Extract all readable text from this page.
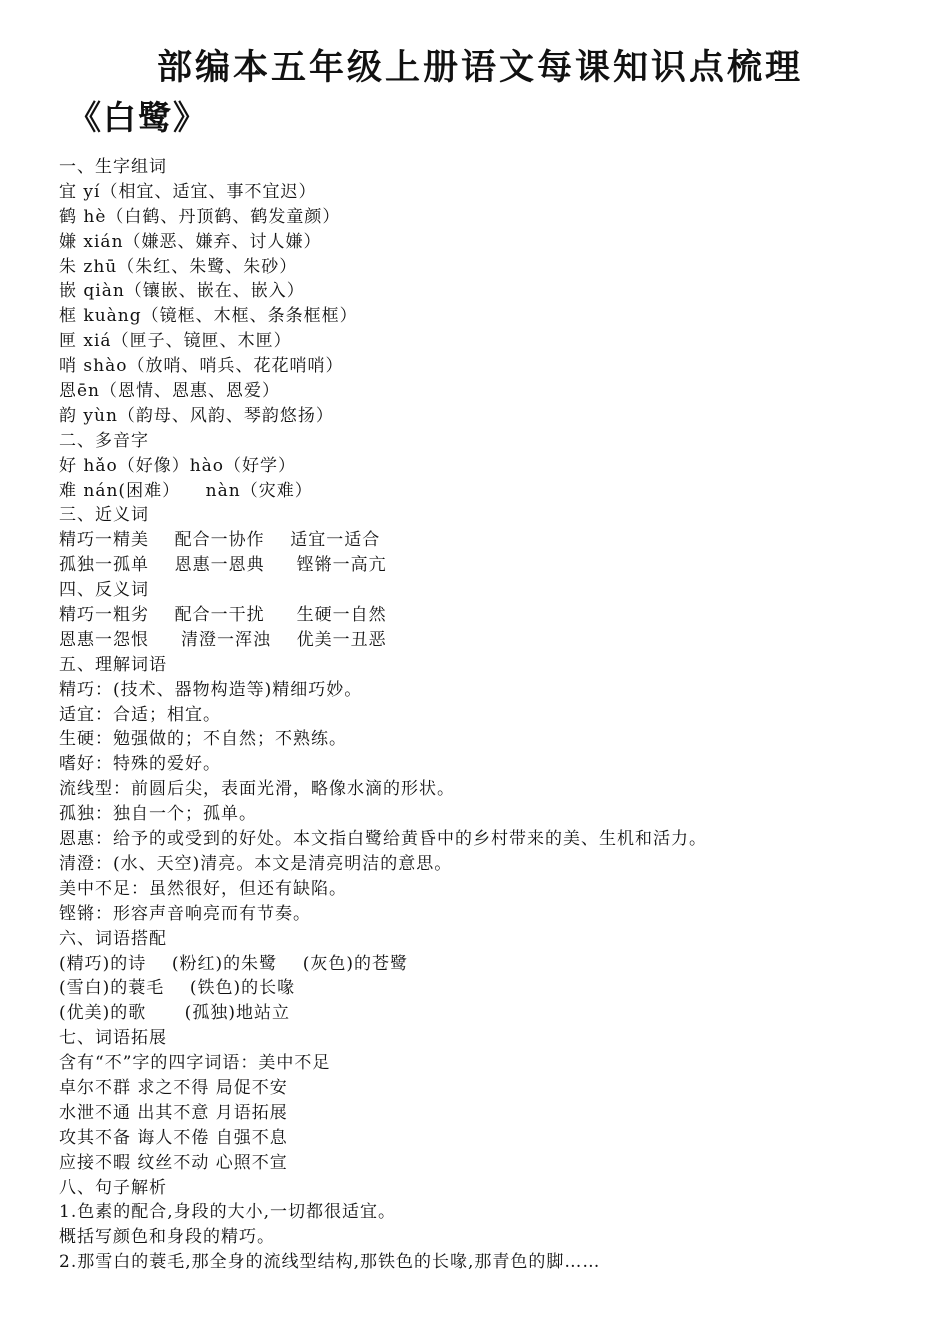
部编本五年级上册语文每课知识点梳理
《白鹭》
一、生字组词
宜 yí（相宜、适宜、事不宜迟）
鹤 hè（白鹤、丹顶鹤、鹤发童颜）
嫌 xián（嫌恶、嫌弃、讨人嫌）
朱 zhū（朱红、朱鹭、朱砂）
嵌 qiàn（镶嵌、嵌在、嵌入）
框 kuàng（镜框、木框、条条框框）
匣 xiá（匣子、镜匣、木匣）
哨 shào（放哨、哨兵、花花哨哨）
恩ēn（恩情、恩惠、恩爱）
韵 yùn（韵母、风韵、琴韵悠扬）
二、多音字
好 hǎo（好像）hào（好学）
难 nán(困难）    nàn（灾难）
三、近义词
精巧一精美    配合一协作    适宜一适合
孤独一孤单    恩惠一恩典     铿锵一高亢
四、反义词
精巧一粗劣    配合一干扰     生硬一自然
恩惠一怨恨     清澄一浑浊    优美一丑恶
五、理解词语
精巧：(技术、器物构造等)精细巧妙。
适宜：合适；相宜。
生硬：勉强做的；不自然；不熟练。
嗜好：特殊的爱好。
流线型：前圆后尖，表面光滑，略像水滴的形状。
孤独：独自一个；孤单。
恩惠：给予的或受到的好处。本文指白鹭给黄昏中的乡村带来的美、生机和活力。
清澄：(水、天空)清亮。本文是清亮明洁的意思。
美中不足：虽然很好，但还有缺陷。
铿锵：形容声音响亮而有节奏。
六、词语搭配
(精巧)的诗    (粉红)的朱鹭    (灰色)的苍鹭
(雪白)的蓑毛    (铁色)的长喙
(优美)的歌      (孤独)地站立
七、词语拓展
含有“不”字的四字词语：美中不足
卓尔不群 求之不得 局促不安
水泄不通 出其不意 月语拓展
攻其不备 诲人不倦 自强不息
应接不暇 纹丝不动 心照不宣
八、句子解析
1.色素的配合,身段的大小,一切都很适宜。
概括写颜色和身段的精巧。
2.那雪白的蓑毛,那全身的流线型结构,那铁色的长喙,那青色的脚……
